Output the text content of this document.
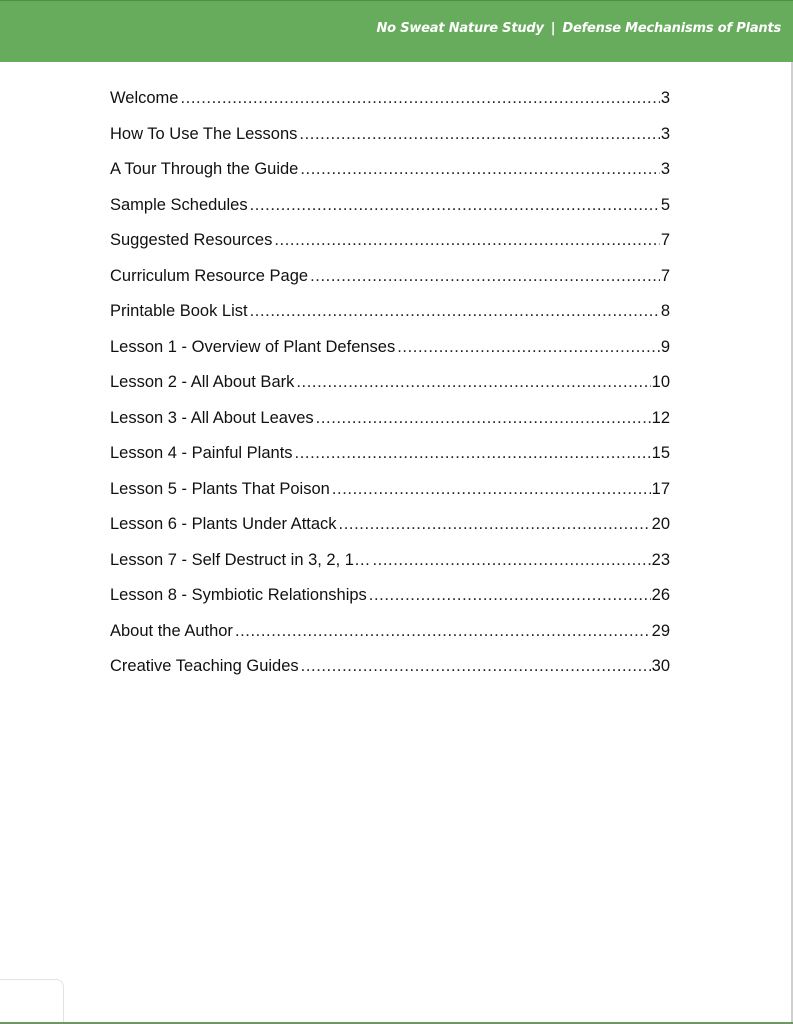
No Sweat Nature Study | Defense Mechanisms of Plants
Welcome .....	3
How To Use The Lessons .....	3
A Tour Through the Guide .....	3
Sample Schedules .....	5
Suggested Resources .....	7
Curriculum Resource Page .....	7
Printable Book List .....	8
Lesson 1 - Overview of Plant Defenses .....	9
Lesson 2 - All About Bark .....	10
Lesson 3 - All About Leaves .....	12
Lesson 4 - Painful Plants .....	15
Lesson 5 - Plants That Poison .....	17
Lesson 6 - Plants Under Attack .....	20
Lesson 7 - Self Destruct in 3, 2, 1… .....	23
Lesson 8 - Symbiotic Relationships .....	26
About the Author .....	29
Creative Teaching Guides .....	30
